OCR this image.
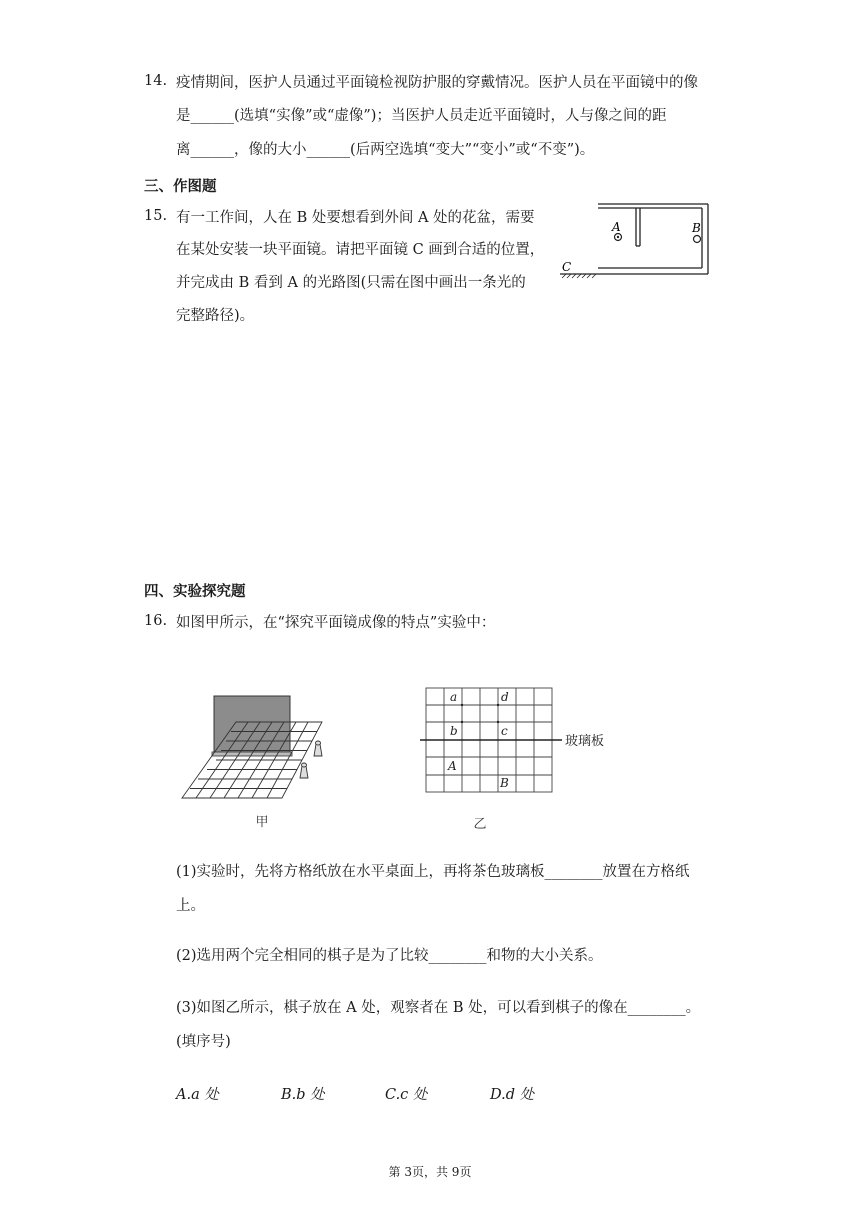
14. 疫情期间，医护人员通过平面镜检视防护服的穿戴情况。医护人员在平面镜中的像
是______(选填“实像”或“虚像”)；当医护人员走近平面镜时，人与像之间的距
离______，像的大小______(后两空选填“变大”“变小”或“不变”)。
三、作图题
15. 有一工作间，人在 B 处要想看到外间 A 处的花盆，需要
在某处安装一块平面镜。请把平面镜 C 画到合适的位置，
并完成由 B 看到 A 的光路图(只需在图中画出一条光的
完整路径)。
A	B
C
四、实验探究题
16. 如图甲所示，在“探究平面镜成像的特点”实验中：
甲
玻璃板
a	d
b	c
A
B
乙
(1)实验时，先将方格纸放在水平桌面上，再将茶色玻璃板________放置在方格纸
上。
(2)选用两个完全相同的棋子是为了比较________和物的大小关系。
(3)如图乙所示，棋子放在 A 处，观察者在 B 处，可以看到棋子的像在________。
(填序号)
A.a 处	B.b 处	C.c 处	D.d 处
第 3页，共 9页
